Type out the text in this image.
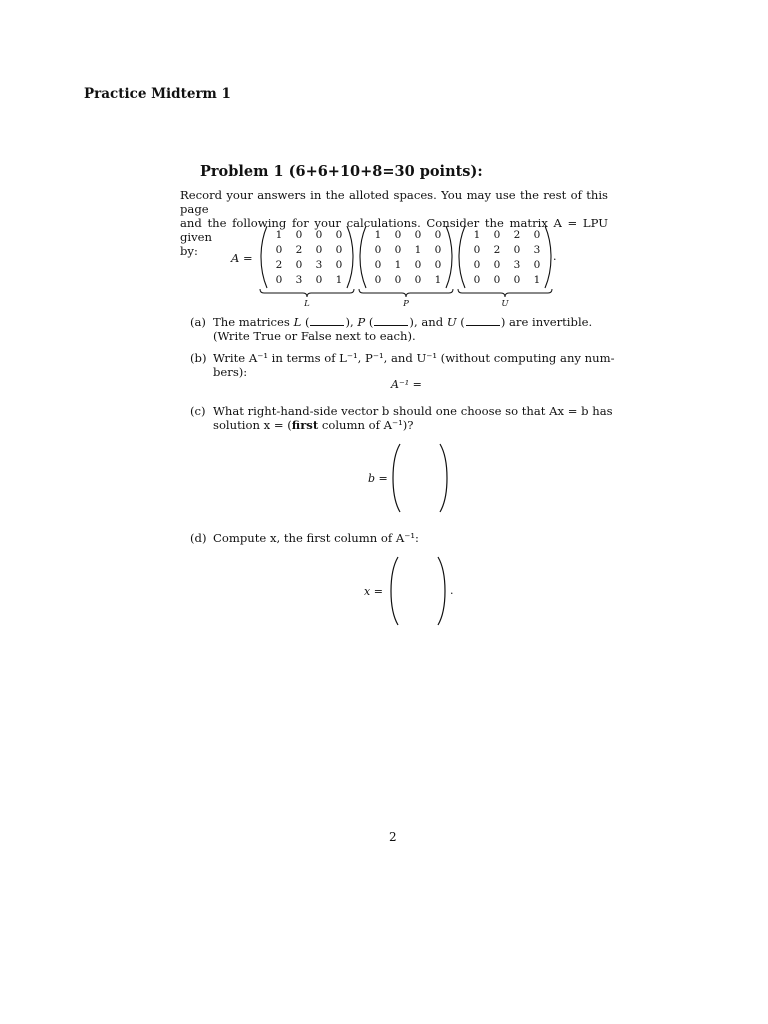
Practice Midterm 1
Problem 1 (6+6+10+8=30 points):
Record your answers in the alloted spaces. You may use the rest of this page
and the following for your calculations. Consider the matrix A = LPU given
by:	A =
1 0 0 0
0 2 0 0
2 0 3 0
0 3 0 1
L
1 0 0 0
0 0 1 0
0 1 0 0
0 0 0 1
P
1 0 2 0
0 2 0 3
0 0 3 0
0 0 0 1
U
.
(a) The matrices L (	), P (	), and U (	) are invertible.
(Write True or False next to each).
(b) Write A⁻¹ in terms of L⁻¹, P⁻¹, and U⁻¹ (without computing any num-
bers):
A⁻¹ =
(c) What right-hand-side vector b should one choose so that Ax = b has
solution x = (first column of A⁻¹)?
b =
(d) Compute x, the first column of A⁻¹:
x =	.
2
